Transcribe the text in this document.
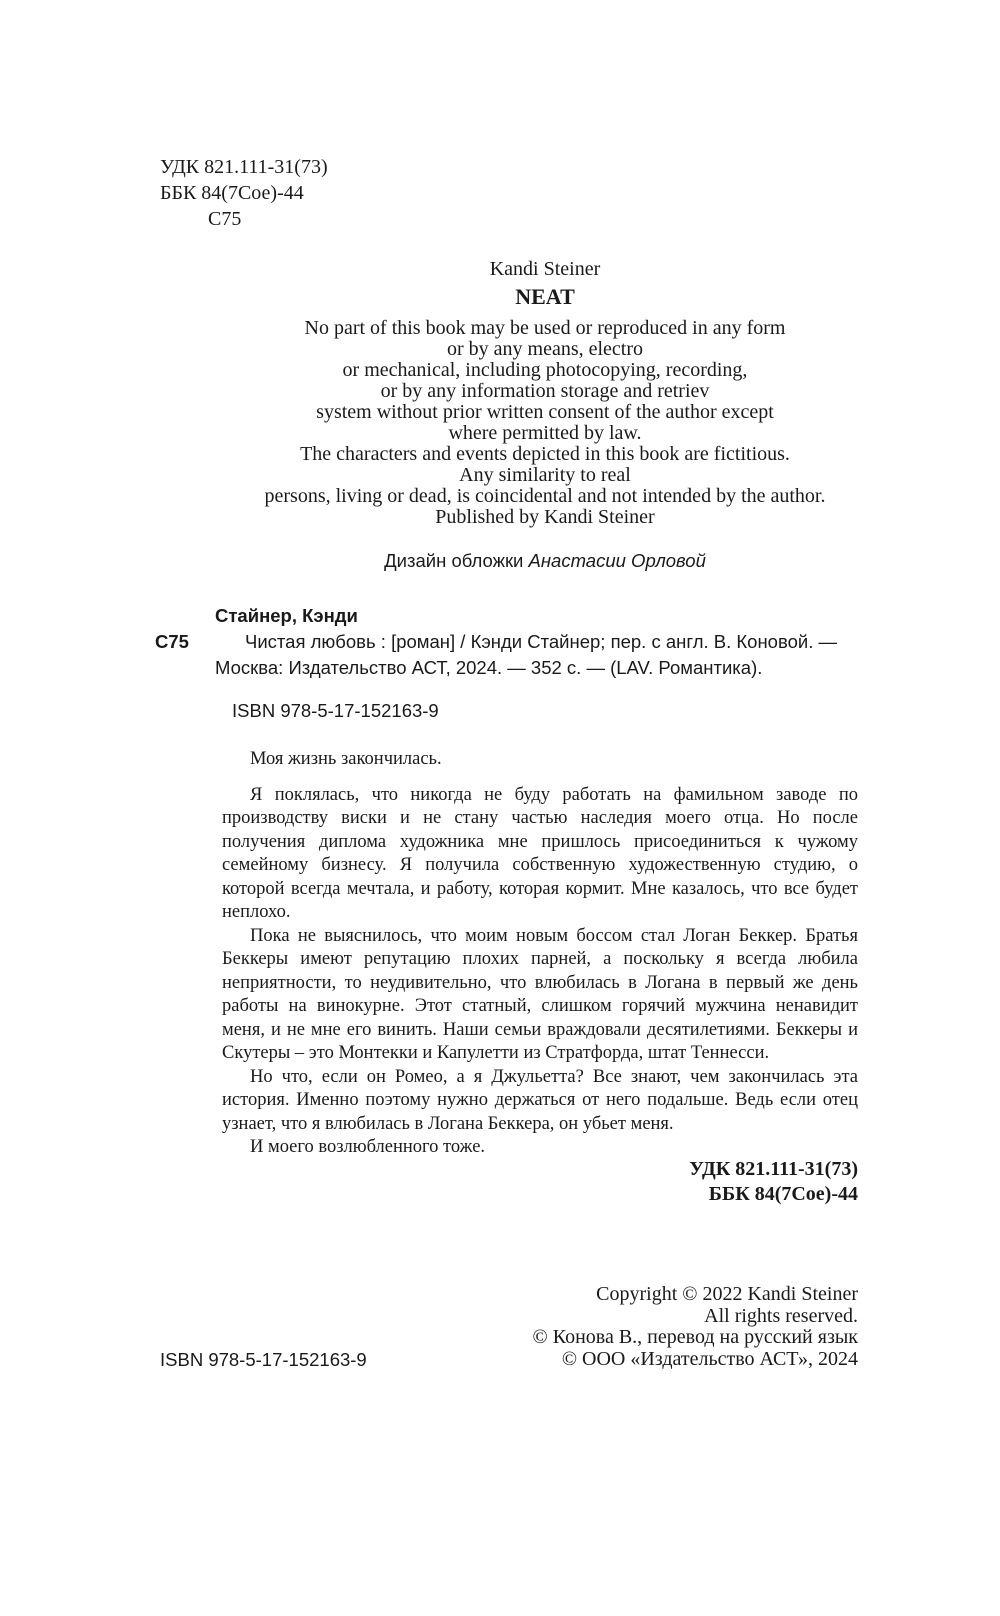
УДК 821.111-31(73)
ББК 84(7Сое)-44
С75
Kandi Steiner
NEAT
No part of this book may be used or reproduced in any form
or by any means, electro
or mechanical, including photocopying, recording,
or by any information storage and retriev
system without prior written consent of the author except
where permitted by law.
The characters and events depicted in this book are fictitious.
Any similarity to real
persons, living or dead, is coincidental and not intended by the author.
Published by Kandi Steiner
Дизайн обложки Анастасии Орловой
Стайнер, Кэнди
С75	Чистая любовь : [роман] / Кэнди Стайнер; пер. с англ. В. Коновой. —
Москва: Издательство АСТ, 2024. — 352 с. — (LAV. Романтика).
ISBN 978-5-17-152163-9

Моя жизнь закончилась.

Я поклялась, что никогда не буду работать на фамильном заводе по производству виски и не стану частью наследия моего отца. Но после получения диплома художника мне пришлось присоединиться к чужому семейному бизнесу. Я получила собственную художественную студию, о которой всегда мечтала, и работу, которая кормит. Мне казалось, что все будет неплохо.

Пока не выяснилось, что моим новым боссом стал Логан Беккер. Братья Беккеры имеют репутацию плохих парней, а поскольку я всегда любила неприятности, то неудивительно, что влюбилась в Логана в первый же день работы на винокурне. Этот статный, слишком горячий мужчина ненавидит меня, и не мне его винить. Наши семьи враждовали десятилетиями. Беккеры и Скутеры – это Монтекки и Капулетти из Стратфорда, штат Теннесси.

Но что, если он Ромео, а я Джульетта? Все знают, чем закончилась эта история. Именно поэтому нужно держаться от него подальше. Ведь если отец узнает, что я влюбилась в Логана Беккера, он убьет меня.

И моего возлюбленного тоже.

УДК 821.111-31(73)
ББК 84(7Сое)-44
Copyright © 2022 Kandi Steiner
All rights reserved.
© Конова В., перевод на русский язык
© ООО «Издательство АСТ», 2024
ISBN 978-5-17-152163-9
